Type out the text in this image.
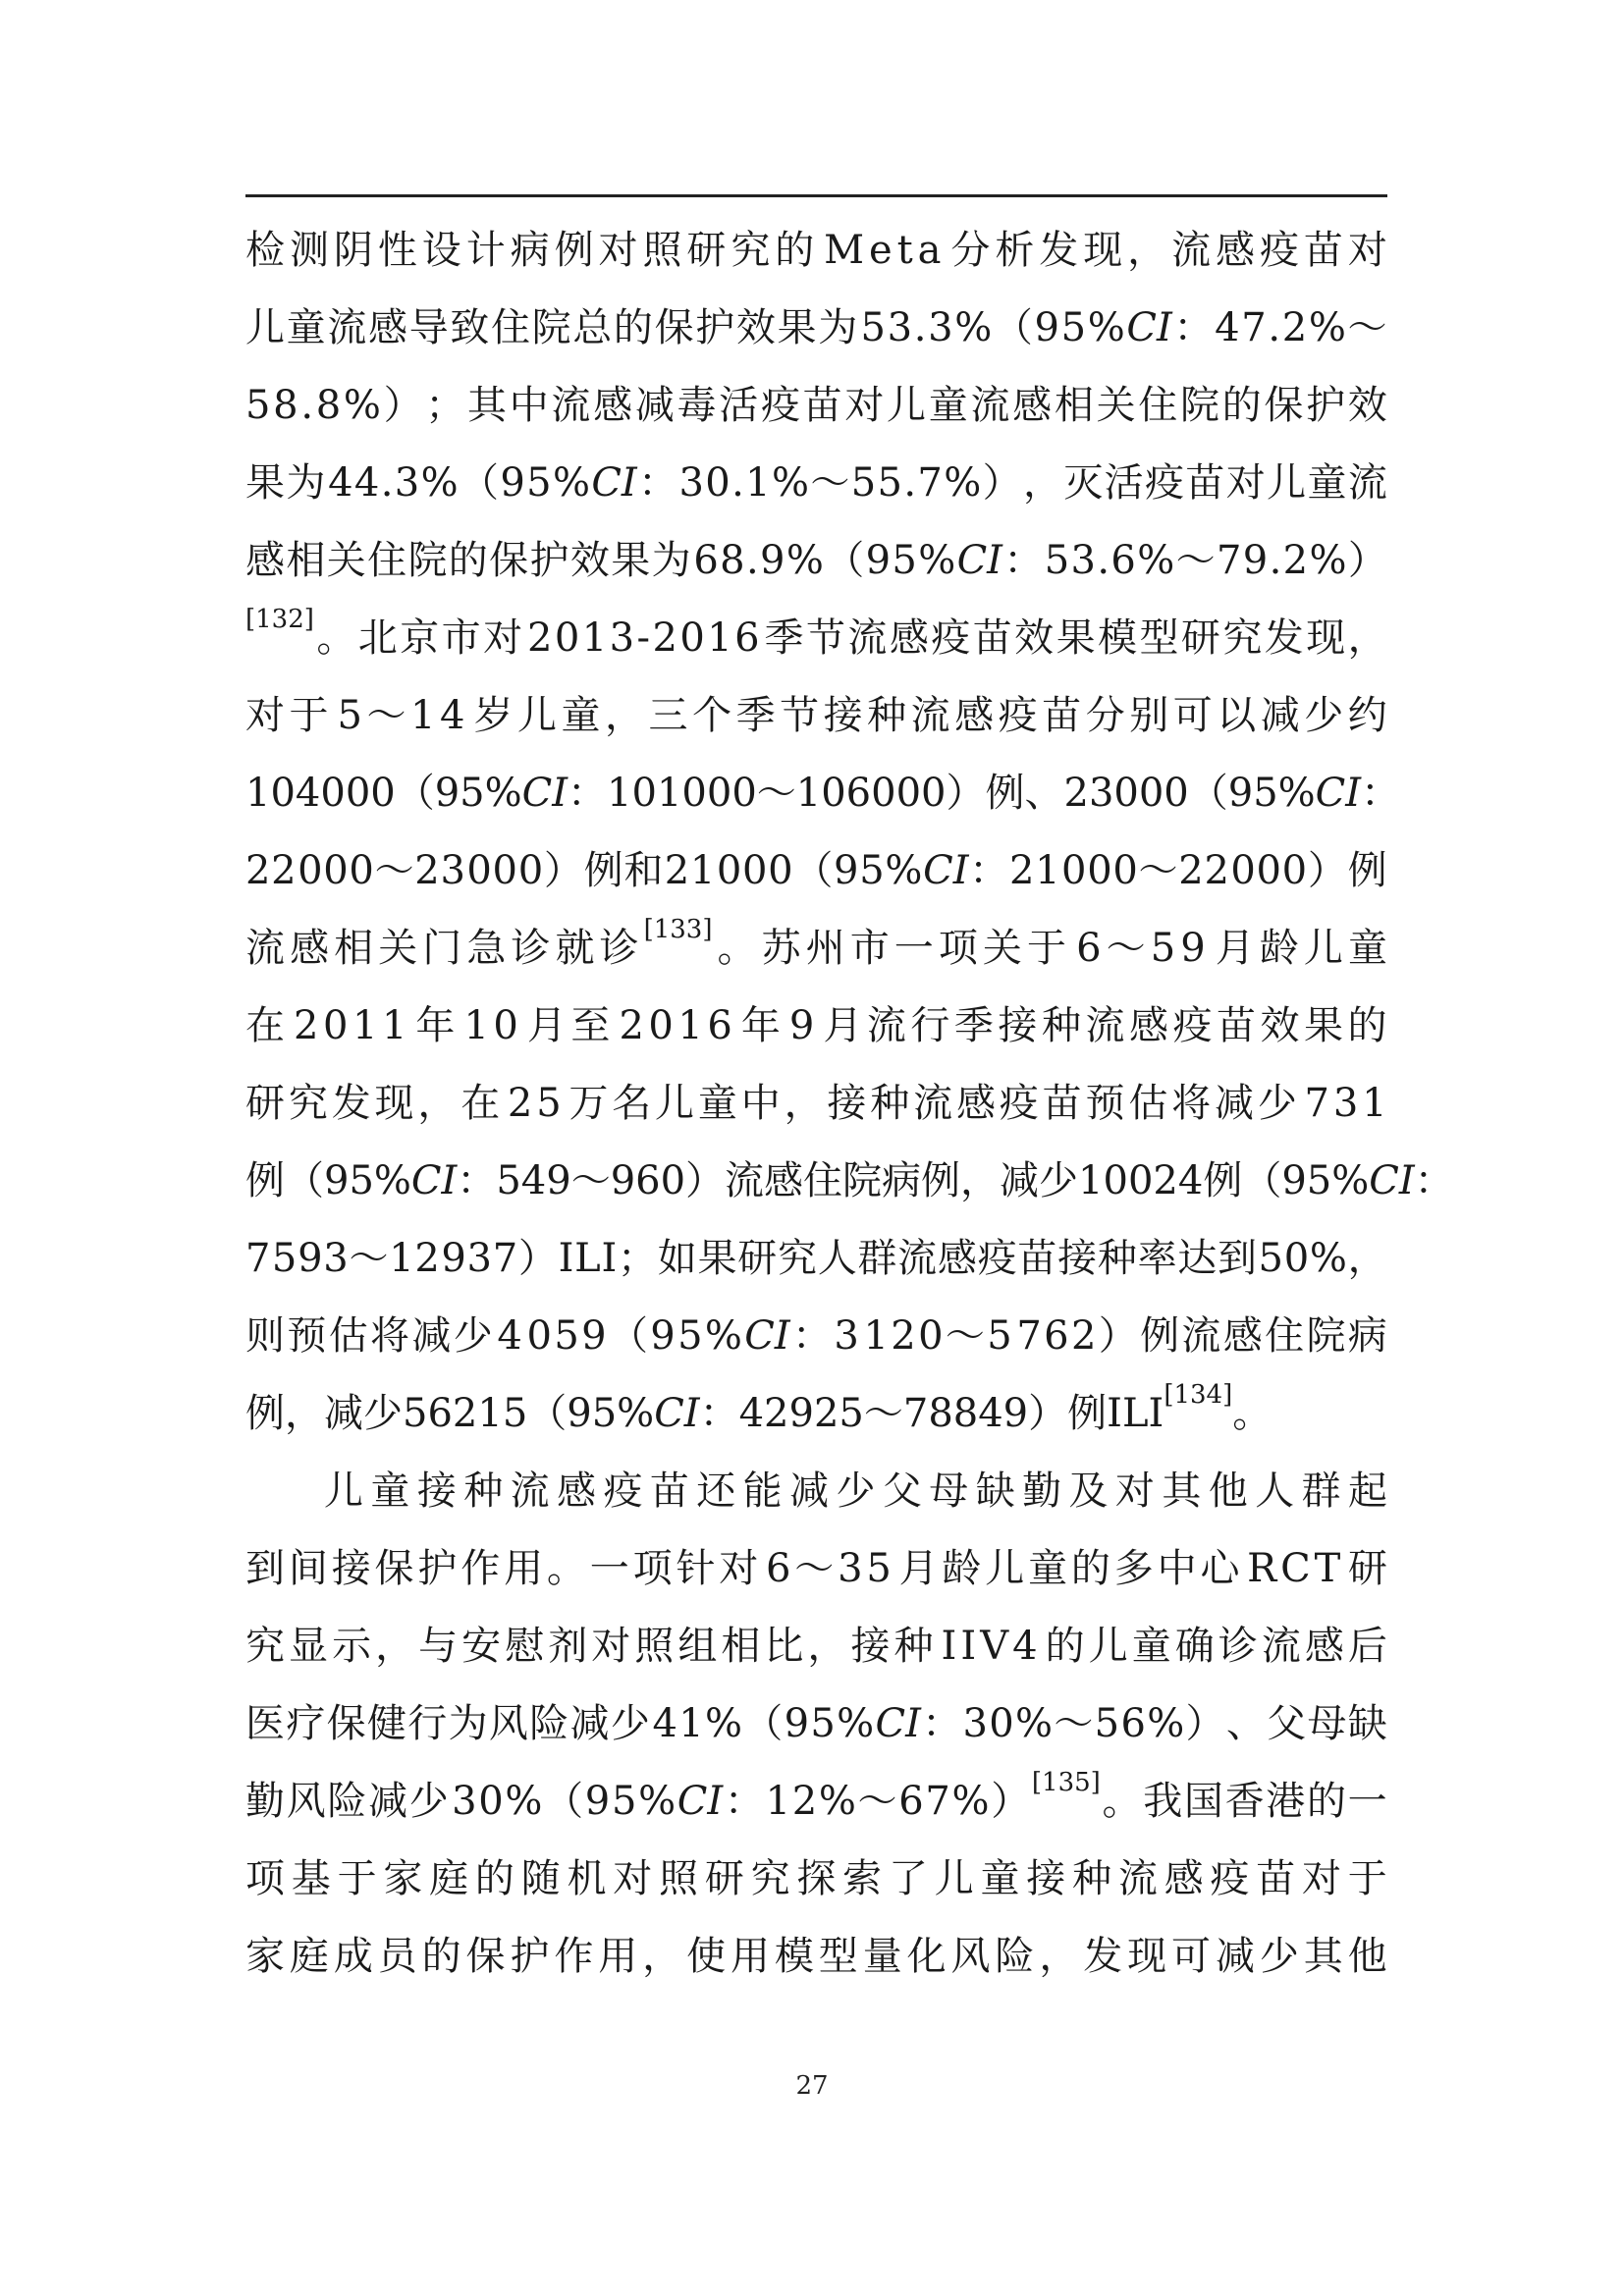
检 测 阴 性 设 计 病 例 对 照 研 究 的 M e t a 分 析 发 现 ， 流 感 疫 苗 对
儿 童 流 感 导 致 住 院 总 的 保 护 效 果 为 5 3 . 3 % （ 9 5 % CI ： 4 7 . 2 % ～
5 8 . 8 % ） ； 其 中 流 感 减 毒 活 疫 苗 对 儿 童 流 感 相 关 住 院 的 保 护 效
果 为 4 4 . 3 % （ 9 5 % CI ： 3 0 . 1 % ～ 5 5 . 7 % ） ， 灭 活 疫 苗 对 儿 童 流
感 相 关 住 院 的 保 护 效 果 为 6 8 . 9 % （ 9 5 % CI ： 5 3 . 6 % ～ 7 9 . 2 % ）
[132] 。 北 京 市 对 2 0 1 3 - 2 0 1 6 季 节 流 感 疫 苗 效 果 模 型 研 究 发 现 ，
对 于 5 ～ 1 4 岁 儿 童 ， 三 个 季 节 接 种 流 感 疫 苗 分 别 可 以 减 少 约
1 0 4 0 0 0 （ 9 5 % CI ： 1 0 1 0 0 0 ～ 1 0 6 0 0 0 ） 例 、 2 3 0 0 0 （ 9 5 % CI ：
2 2 0 0 0 ～ 2 3 0 0 0 ） 例 和 2 1 0 0 0 （ 9 5 % CI ： 2 1 0 0 0 ～ 2 2 0 0 0 ） 例
流 感 相 关 门 急 诊 就 诊 [133] 。 苏 州 市 一 项 关 于 6 ～ 5 9 月 龄 儿 童
在 2 0 1 1 年 1 0 月 至 2 0 1 6 年 9 月 流 行 季 接 种 流 感 疫 苗 效 果 的
研 究 发 现 ， 在 2 5 万 名 儿 童 中 ， 接 种 流 感 疫 苗 预 估 将 减 少 7 3 1
例 （ 9 5 % CI ： 5 4 9 ～ 9 6 0 ） 流 感 住 院 病 例 ， 减 少 1 0 0 2 4 例 （ 9 5 % CI ：
7 5 9 3 ～ 1 2 9 3 7 ） I L I ； 如 果 研 究 人 群 流 感 疫 苗 接 种 率 达 到 5 0 % ，
则 预 估 将 减 少 4 0 5 9 （ 9 5 % CI ： 3 1 2 0 ～ 5 7 6 2 ） 例 流 感 住 院 病
例 ， 减 少 5 6 2 1 5 （ 9 5 % CI ： 4 2 9 2 5 ～ 7 8 8 4 9 ） 例 I L I [134] 。
儿 童 接 种 流 感 疫 苗 还 能 减 少 父 母 缺 勤 及 对 其 他 人 群 起
到 间 接 保 护 作 用 。 一 项 针 对 6 ～ 3 5 月 龄 儿 童 的 多 中 心 R C T 研
究 显 示 ， 与 安 慰 剂 对 照 组 相 比 ， 接 种 I I V 4 的 儿 童 确 诊 流 感 后
医 疗 保 健 行 为 风 险 减 少 4 1 % （ 9 5 % CI ： 3 0 % ～ 5 6 % ） 、 父 母 缺
勤 风 险 减 少 3 0 % （ 9 5 % CI ： 1 2 % ～ 6 7 % ） [135] 。 我 国 香 港 的 一
项 基 于 家 庭 的 随 机 对 照 研 究 探 索 了 儿 童 接 种 流 感 疫 苗 对 于
家 庭 成 员 的 保 护 作 用 ， 使 用 模 型 量 化 风 险 ， 发 现 可 减 少 其 他
27
